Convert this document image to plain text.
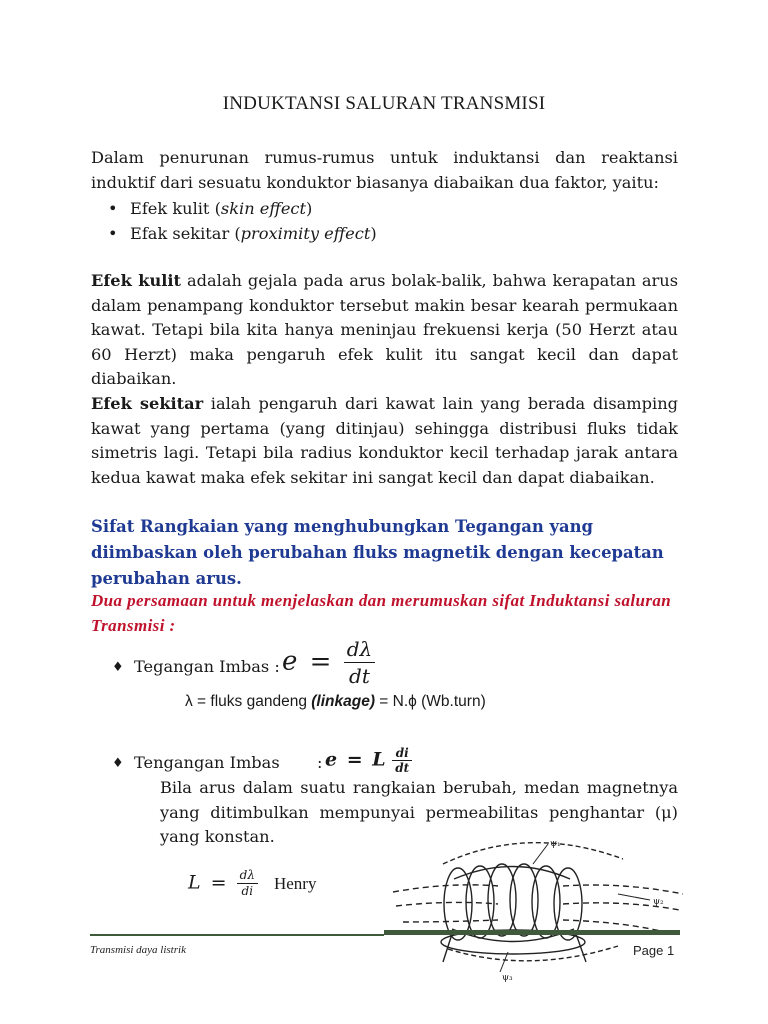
INDUKTANSI SALURAN TRANSMISI

Dalam penurunan rumus-rumus untuk induktansi dan reaktansi induktif dari sesuatu konduktor biasanya diabaikan dua faktor, yaitu:

• Efek kulit (skin effect)
• Efak sekitar (proximity effect)

Efek kulit adalah gejala pada arus bolak-balik, bahwa kerapatan arus dalam penampang konduktor tersebut makin besar kearah permukaan kawat. Tetapi bila kita hanya meninjau frekuensi kerja (50 Herzt atau 60 Herzt) maka pengaruh efek kulit itu sangat kecil dan dapat diabaikan.

Efek sekitar ialah pengaruh dari kawat lain yang berada disamping kawat yang pertama (yang ditinjau) sehingga distribusi fluks tidak simetris lagi. Tetapi bila radius konduktor kecil terhadap jarak antara kedua kawat maka efek sekitar ini sangat kecil dan dapat diabaikan.

Sifat Rangkaian yang menghubungkan Tegangan yang diimbaskan oleh perubahan fluks magnetik dengan kecepatan perubahan arus.

Dua persamaan untuk menjelaskan dan merumuskan sifat Induktansi saluran Transmisi :

♦ Tegangan Imbas : $e = \frac{d\lambda}{dt}$
λ = fluks gandeng (linkage) = N.ϕ (Wb.turn)
♦ Tengangan Imbas : e = L $\frac{di}{dt}$

Bila arus dalam suatu rangkaian berubah, medan magnetnya yang ditimbulkan mempunyai permeabilitas penghantar (μ) yang konstan.

$L = \frac{d\lambda}{di}$ Henry
ψ₁
ψ₂
ψ₃
Transmisi daya listrik	Page 1
